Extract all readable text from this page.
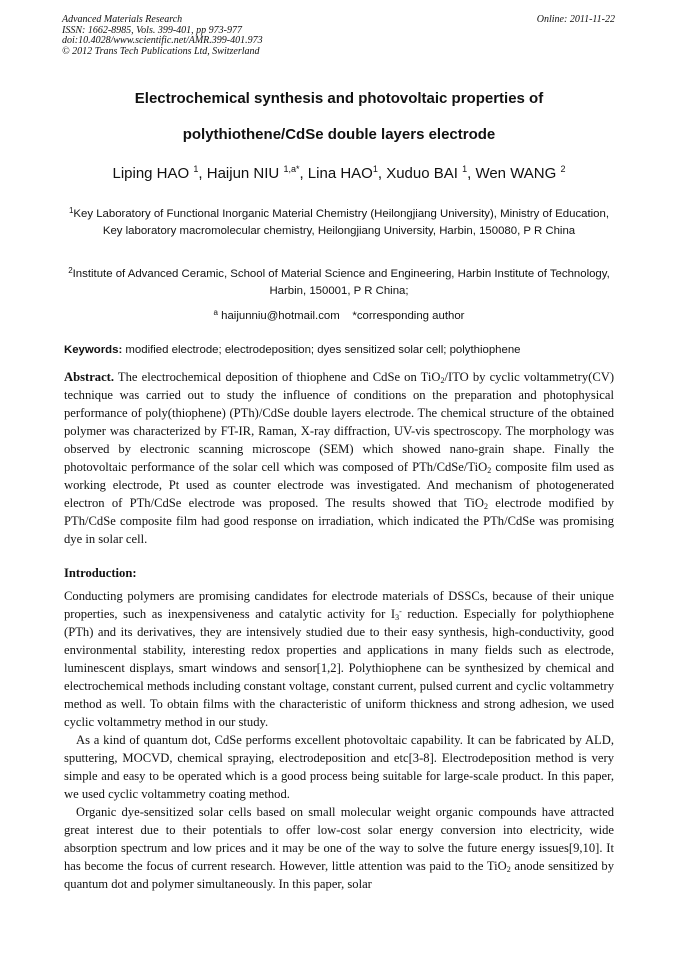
Advanced Materials Research
ISSN: 1662-8985, Vols. 399-401, pp 973-977
doi:10.4028/www.scientific.net/AMR.399-401.973
© 2012 Trans Tech Publications Ltd, Switzerland
Online: 2011-11-22
Electrochemical synthesis and photovoltaic properties of
polythiothene/CdSe double layers electrode
Liping HAO $^1$, Haijun NIU $^{1,a*}$, Lina HAO$^1$, Xuduo BAI $^1$, Wen WANG $^2$
$^1$Key Laboratory of Functional Inorganic Material Chemistry (Heilongjiang University), Ministry of Education, Key laboratory macromolecular chemistry, Heilongjiang University, Harbin, 150080, P R China
$^2$Institute of Advanced Ceramic, School of Material Science and Engineering, Harbin Institute of Technology, Harbin, 150001, P R China;
$^a$ haijunniu@hotmail.com *corresponding author
Keywords: modified electrode; electrodeposition; dyes sensitized solar cell; polythiophene

Abstract. The electrochemical deposition of thiophene and CdSe on TiO$_2$/ITO by cyclic voltammetry(CV) technique was carried out to study the influence of conditions on the preparation and photophysical performance of poly(thiophene) (PTh)/CdSe double layers electrode. The chemical structure of the obtained polymer was characterized by FT-IR, Raman, X-ray diffraction, UV-vis spectroscopy. The morphology was observed by electronic scanning microscope (SEM) which showed nano-grain shape. Finally the photovoltaic performance of the solar cell which was composed of PTh/CdSe/TiO$_2$ composite film used as working electrode, Pt used as counter electrode was investigated. And mechanism of photogenerated electron of PTh/CdSe electrode was proposed. The results showed that TiO$_2$ electrode modified by PTh/CdSe composite film had good response on irradiation, which indicated the PTh/CdSe was promising dye in solar cell.

Introduction:

Conducting polymers are promising candidates for electrode materials of DSSCs, because of their unique properties, such as inexpensiveness and catalytic activity for $I_3^-$ reduction. Especially for polythiophene (PTh) and its derivatives, they are intensively studied due to their easy synthesis, high-conductivity, good environmental stability, interesting redox properties and applications in many fields such as electrode, luminescent displays, smart windows and sensor[1,2]. Polythiophene can be synthesized by chemical and electrochemical methods including constant voltage, constant current, pulsed current and cyclic voltammetry method as well. To obtain films with the characteristic of uniform thickness and strong adhesion, we used cyclic voltammetry method in our study.

As a kind of quantum dot, CdSe performs excellent photovoltaic capability. It can be fabricated by ALD, sputtering, MOCVD, chemical spraying, electrodeposition and etc[3-8]. Electrodeposition method is very simple and easy to be operated which is a good process being suitable for large-scale product. In this paper, we used cyclic voltammetry coating method.

Organic dye-sensitized solar cells based on small molecular weight organic compounds have attracted great interest due to their potentials to offer low-cost solar energy conversion into electricity, wide absorption spectrum and low prices and it may be one of the way to solve the future energy issues[9,10]. It has become the focus of current research. However, little attention was paid to the TiO$_2$ anode sensitized by quantum dot and polymer simultaneously. In this paper, solar
